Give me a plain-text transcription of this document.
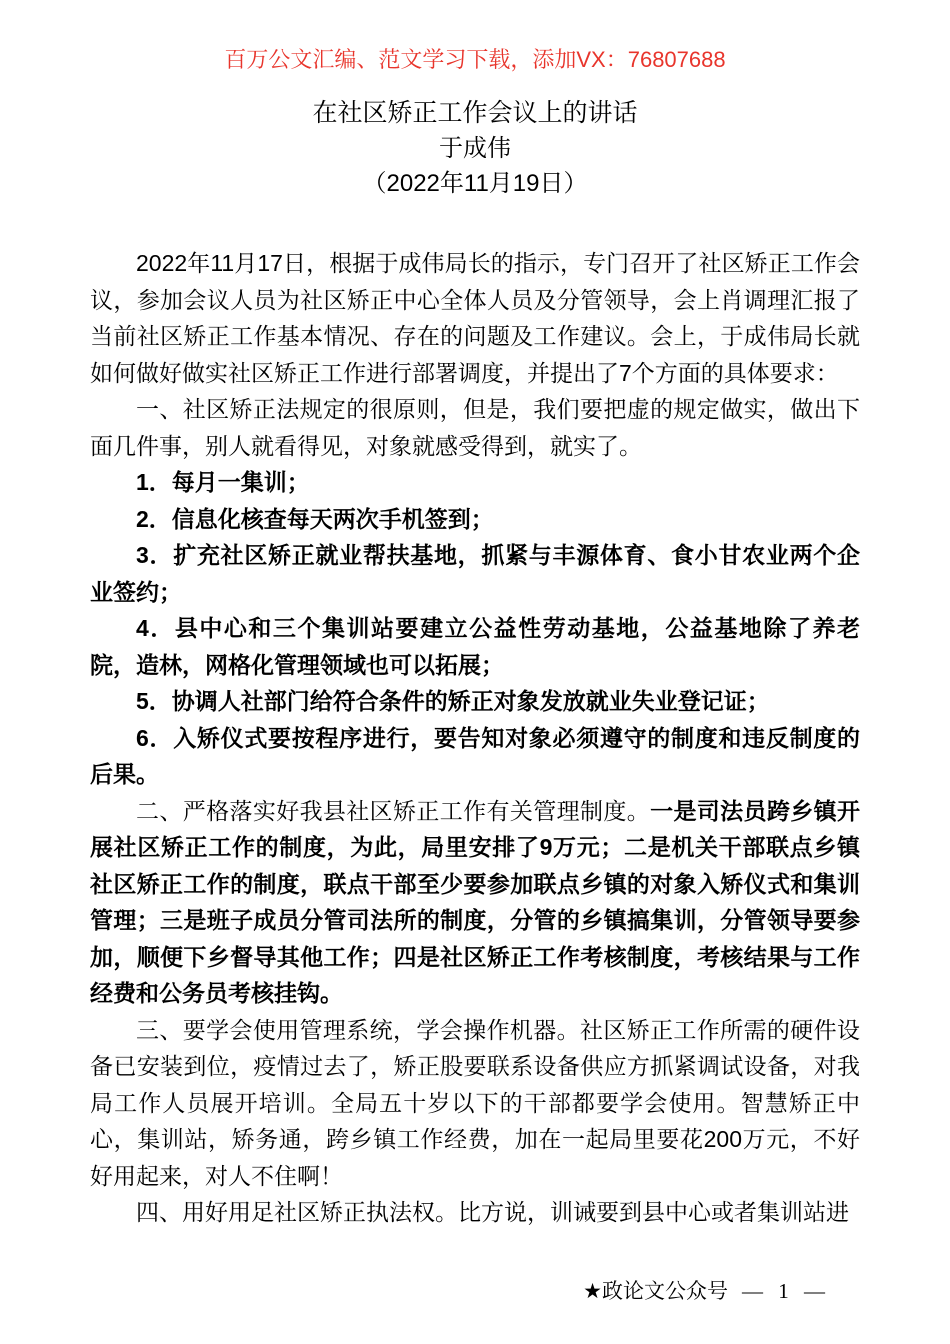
百万公文汇编、范文学习下载，添加VX：76807688
在社区矫正工作会议上的讲话
于成伟
（2022年11月19日）

2022年11月17日，根据于成伟局长的指示，专门召开了社区矫正工作会议，参加会议人员为社区矫正中心全体人员及分管领导，会上肖调理汇报了当前社区矫正工作基本情况、存在的问题及工作建议。会上，于成伟局长就如何做好做实社区矫正工作进行部署调度，并提出了7个方面的具体要求：

一、社区矫正法规定的很原则，但是，我们要把虚的规定做实，做出下面几件事，别人就看得见，对象就感受得到，就实了。

1．每月一集训；

2．信息化核查每天两次手机签到；

3．扩充社区矫正就业帮扶基地，抓紧与丰源体育、食小甘农业两个企业签约；

4．县中心和三个集训站要建立公益性劳动基地，公益基地除了养老院，造林，网格化管理领域也可以拓展；

5．协调人社部门给符合条件的矫正对象发放就业失业登记证；

6．入矫仪式要按程序进行，要告知对象必须遵守的制度和违反制度的后果。

二、严格落实好我县社区矫正工作有关管理制度。一是司法员跨乡镇开展社区矫正工作的制度，为此，局里安排了9万元；二是机关干部联点乡镇社区矫正工作的制度，联点干部至少要参加联点乡镇的对象入矫仪式和集训管理；三是班子成员分管司法所的制度，分管的乡镇搞集训，分管领导要参加，顺便下乡督导其他工作；四是社区矫正工作考核制度，考核结果与工作经费和公务员考核挂钩。

三、要学会使用管理系统，学会操作机器。社区矫正工作所需的硬件设备已安装到位，疫情过去了，矫正股要联系设备供应方抓紧调试设备，对我局工作人员展开培训。全局五十岁以下的干部都要学会使用。智慧矫正中心，集训站，矫务通，跨乡镇工作经费，加在一起局里要花200万元，不好好用起来，对人不住啊！

四、用好用足社区矫正执法权。比方说，训诫要到县中心或者集训站进

★政论文公众号 — 1 —
